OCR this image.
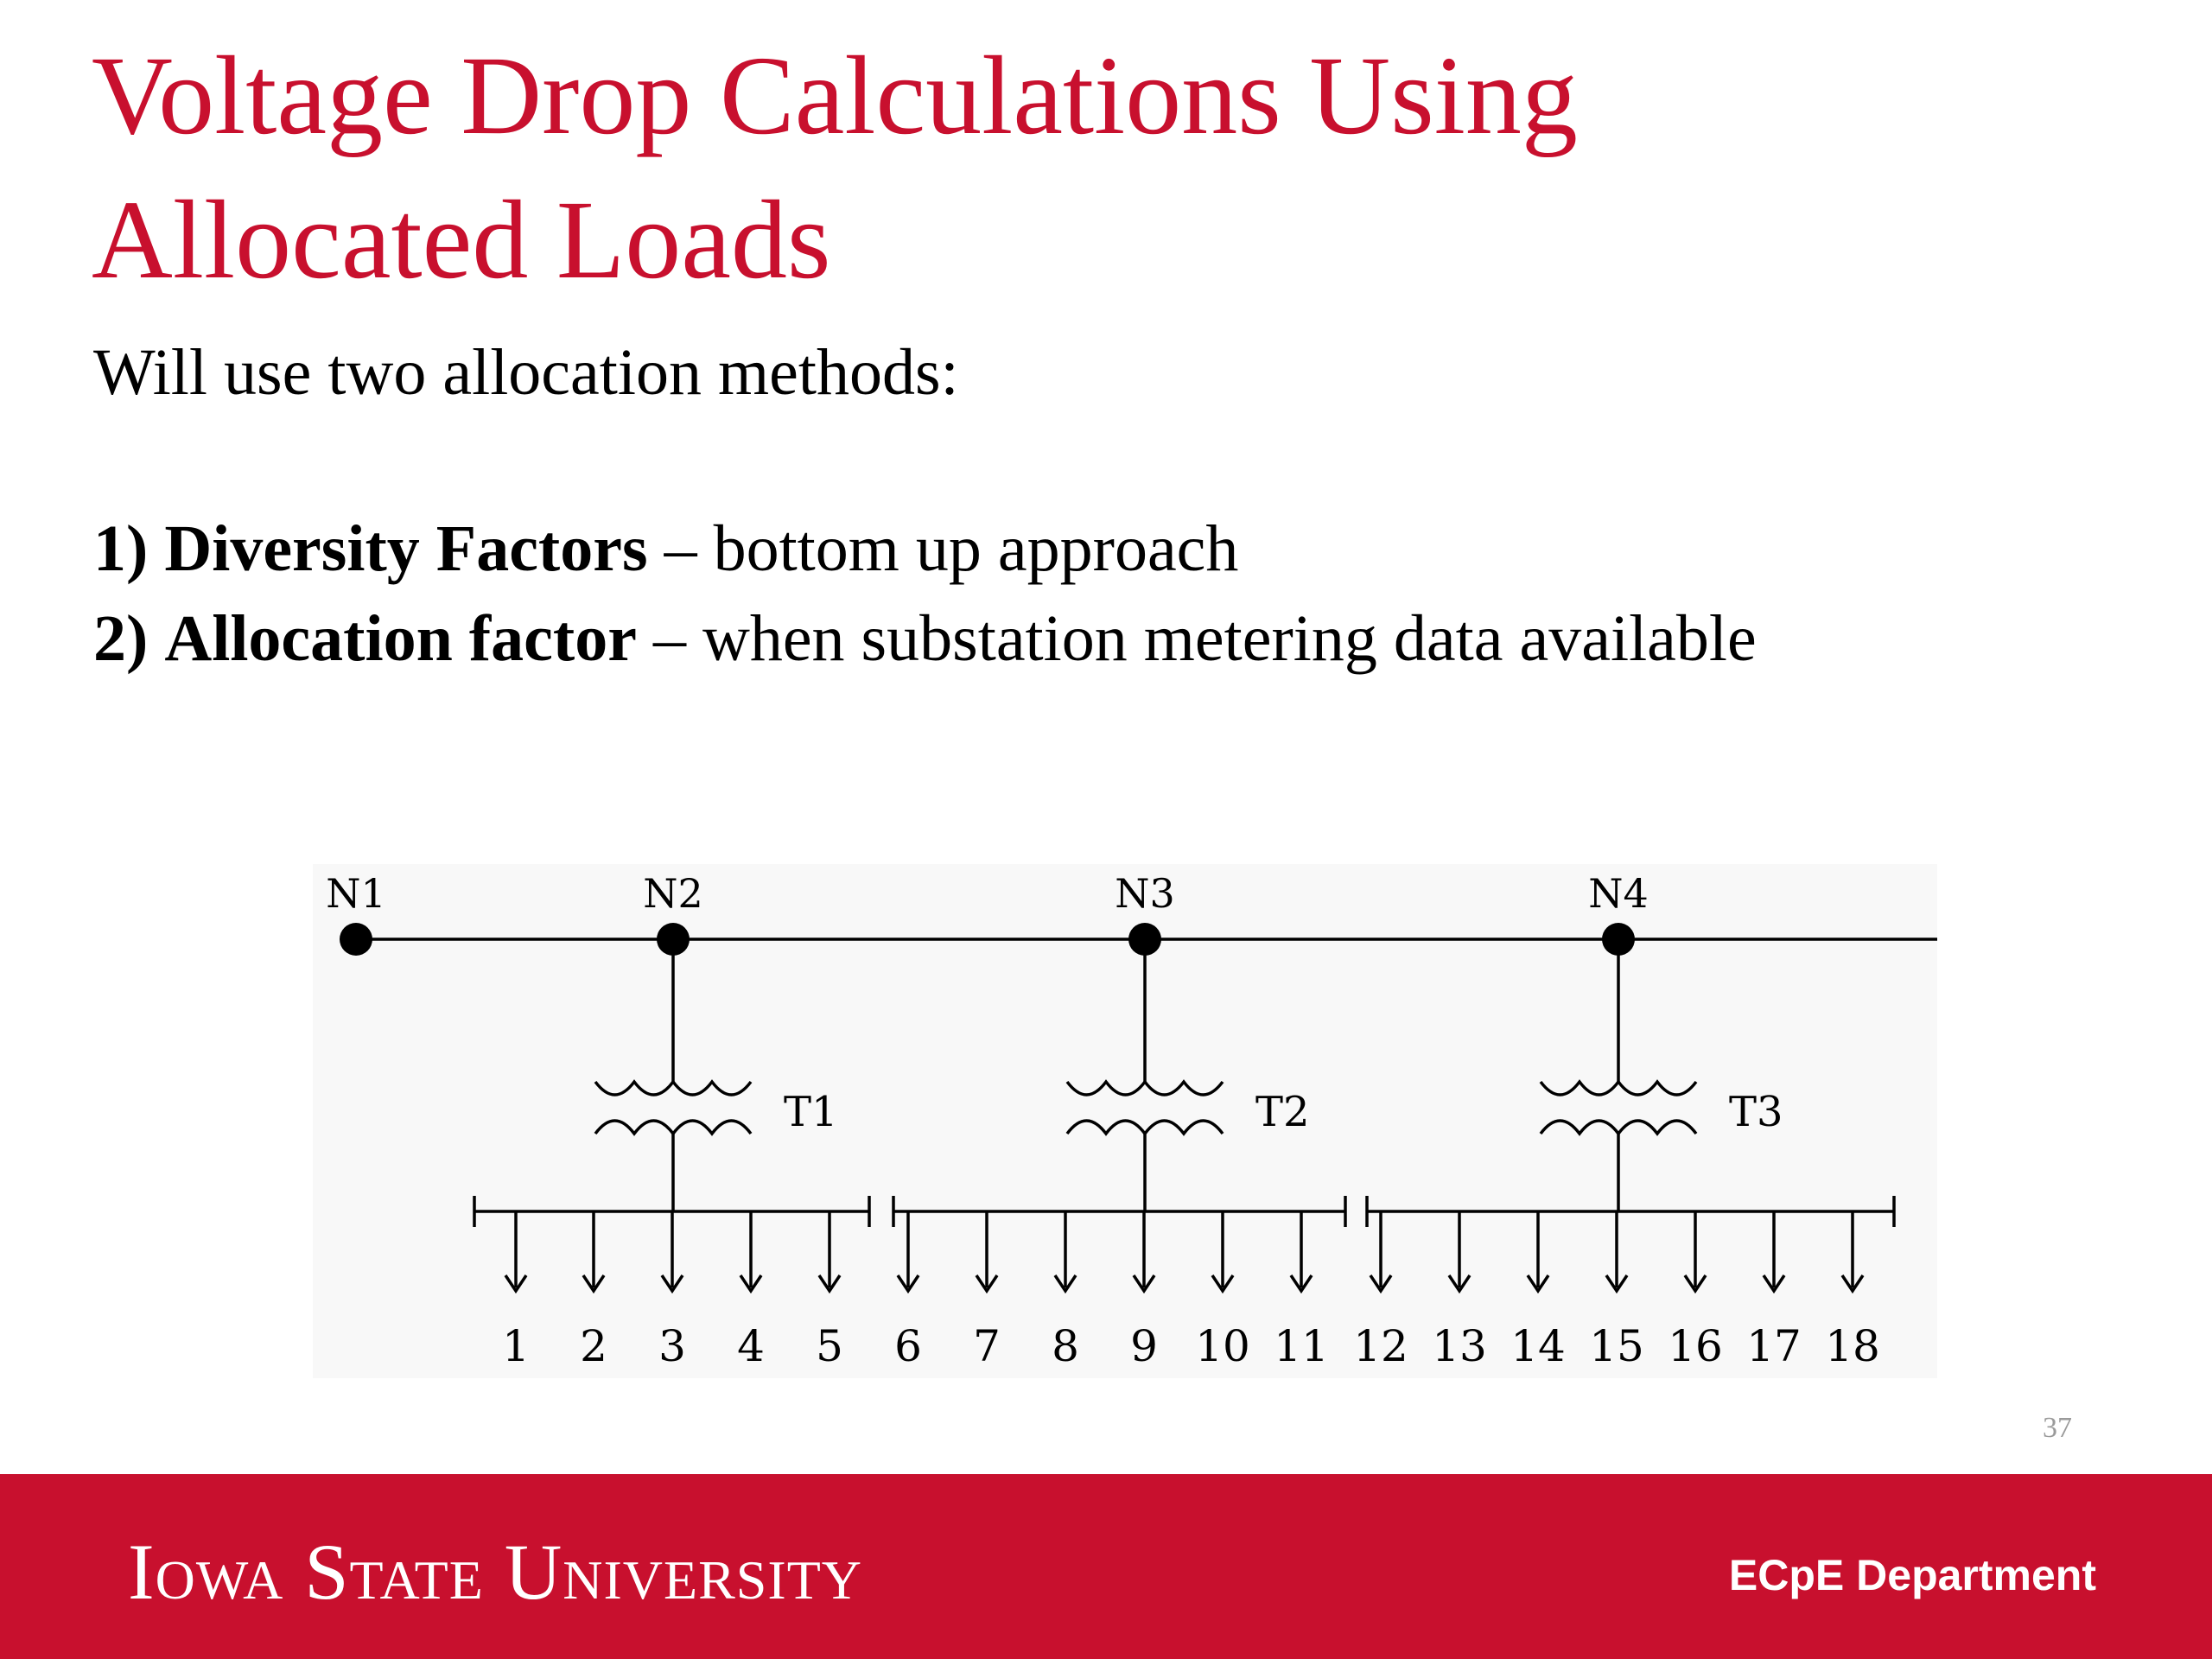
Voltage Drop Calculations Using
Allocated Loads

Will use two allocation methods:

1) Diversity Factors – bottom up approach

2) Allocation factor – when substation metering data available

N1	N2	N3	N4
T1	T2	T3
1 2 3 4 5 6 7 8 9 10 11 12 13 14 15 16 17 18
37

Iowa State University	ECpE Department
